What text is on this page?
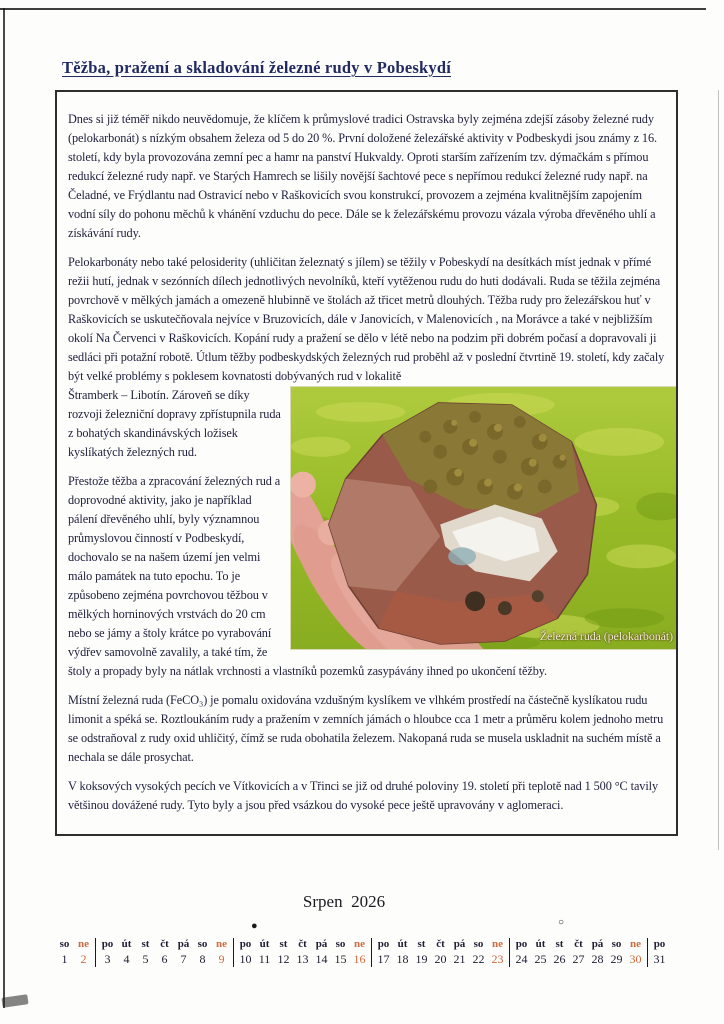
Těžba, pražení a skladování železné rudy v Pobeskydí

Dnes si již téměř nikdo neuvědomuje, že klíčem k průmyslové tradici Ostravska byly zejména zdejší zásoby železné rudy (pelokarbonát) s nízkým obsahem železa od 5 do 20 %. První doložené železářské aktivity v Podbeskydi jsou známy z 16. století, kdy byla provozována zemní pec a hamr na panství Hukvaldy. Oproti starším zařízením tzv. dýmačkám s přímou redukcí železné rudy např. ve Starých Hamrech se lišily novější šachtové pece s nepřímou redukcí železné rudy např. na Čeladné, ve Frýdlantu nad Ostravicí nebo v Raškovicích svou konstrukcí, provozem a zejména kvalitnějším zapojením vodní síly do pohonu měchů k vhánění vzduchu do pece. Dále se k železářskému provozu vázala výroba dřevěného uhlí a získávání rudy.

Pelokarbonáty nebo také pelosiderity (uhličitan železnatý s jílem) se těžily v Pobeskydí na desítkách míst jednak v přímé režii hutí, jednak v sezónních dílech jednotlivých nevolníků, kteří vytěženou rudu do huti dodávali. Ruda se těžila zejména povrchově v mělkých jamách a omezeně hlubinně ve štolách až třicet metrů dlouhých. Těžba rudy pro železářskou huť v Raškovicích se uskutečňovala nejvíce v Bruzovicích, dále v Janovicích, v Malenovicích , na Morávce a také v nejbližším okolí Na Červenci v Raškovicích. Kopání rudy a pražení se dělo v létě nebo na podzim při dobrém počasí a dopravovali ji sedláci při potažní robotě. Útlum těžby podbeskydských železných rud proběhl až v poslední čtvrtině 19. století, kdy začaly být velké problémy s poklesem kovnatosti dobývaných rud v lokalitě

Železná ruda (pelokarbonát)

Štramberk – Libotín. Zároveň se díky rozvoji železniční dopravy zpřístupnila ruda z bohatých skandinávských ložisek kyslíkatých železných rud.

Přestože těžba a zpracování železných rud a doprovodné aktivity, jako je například pálení dřevěného uhlí, byly významnou průmyslovou činností v Podbeskydí, dochovalo se na našem území jen velmi málo památek na tuto epochu. To je způsobeno zejména povrchovou těžbou v mělkých horninových vrstvách do 20 cm nebo se jámy a štoly krátce po vyrabování výdřev samovolně zavalily, a také tím, že štoly a propady byly na nátlak vrchnosti a vlastníků pozemků zasypávány ihned po ukončení těžby.

Místní železná ruda (FeCO₃) je pomalu oxidována vzdušným kyslíkem ve vlhkém prostředí na částečně kyslíkatou rudu limonit a spéká se. Roztloukáním rudy a pražením v zemních jámách o hloubce cca 1 metr a průměru kolem jednoho metru se odstraňoval z rudy oxid uhličitý, čímž se ruda obohatila železem. Nakopaná ruda se musela uskladnit na suchém místě a nechala se dále prosychat.

V koksových vysokých pecích ve Vítkovicích a v Třinci se již od druhé poloviny 19. století při teplotě nad 1 500 °C tavily většinou dovážené rudy. Tyto byly a jsou před vsázkou do vysoké pece ještě upravovány v aglomeraci.

Srpen  2026
●	○
so
1
ne
2
po
3
út
4
st
5
čt
6
pá
7
so
8
ne
9
po
10
út
11
st
12
čt
13
pá
14
so
15
ne
16
po
17
út
18
st
19
čt
20
pá
21
so
22
ne
23
po
24
út
25
st
26
čt
27
pá
28
so
29
ne
30
po
31
